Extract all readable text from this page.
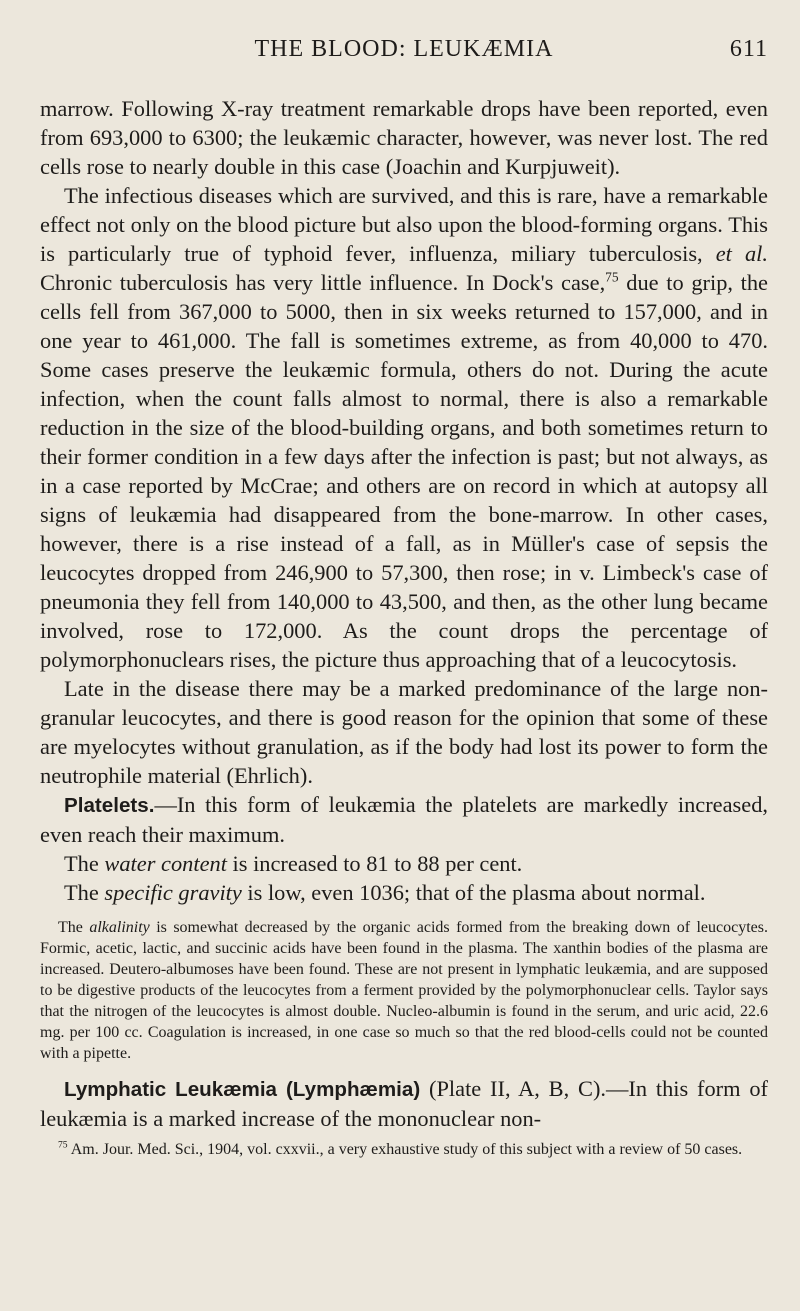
THE BLOOD: LEUKÆMIA	611

marrow. Following X-ray treatment remarkable drops have been reported, even from 693,000 to 6300; the leukæmic character, however, was never lost. The red cells rose to nearly double in this case (Joachin and Kurpjuweit).

The infectious diseases which are survived, and this is rare, have a remarkable effect not only on the blood picture but also upon the blood-forming organs. This is particularly true of typhoid fever, influenza, miliary tuberculosis, et al. Chronic tuberculosis has very little influence. In Dock's case,$^{75}$ due to grip, the cells fell from 367,000 to 5000, then in six weeks returned to 157,000, and in one year to 461,000. The fall is sometimes extreme, as from 40,000 to 470. Some cases preserve the leukæmic formula, others do not. During the acute infection, when the count falls almost to normal, there is also a remarkable reduction in the size of the blood-building organs, and both sometimes return to their former condition in a few days after the infection is past; but not always, as in a case reported by McCrae; and others are on record in which at autopsy all signs of leukæmia had disappeared from the bone-marrow. In other cases, however, there is a rise instead of a fall, as in Müller's case of sepsis the leucocytes dropped from 246,900 to 57,300, then rose; in v. Limbeck's case of pneumonia they fell from 140,000 to 43,500, and then, as the other lung became involved, rose to 172,000. As the count drops the percentage of polymorphonuclears rises, the picture thus approaching that of a leucocytosis.

Late in the disease there may be a marked predominance of the large non-granular leucocytes, and there is good reason for the opinion that some of these are myelocytes without granulation, as if the body had lost its power to form the neutrophile material (Ehrlich).

Platelets.—In this form of leukæmia the platelets are markedly increased, even reach their maximum.

The water content is increased to 81 to 88 per cent.

The specific gravity is low, even 1036; that of the plasma about normal.

The alkalinity is somewhat decreased by the organic acids formed from the breaking down of leucocytes. Formic, acetic, lactic, and succinic acids have been found in the plasma. The xanthin bodies of the plasma are increased. Deutero-albumoses have been found. These are not present in lymphatic leukæmia, and are supposed to be digestive products of the leucocytes from a ferment provided by the polymorphonuclear cells. Taylor says that the nitrogen of the leucocytes is almost double. Nucleo-albumin is found in the serum, and uric acid, 22.6 mg. per 100 cc. Coagulation is increased, in one case so much so that the red blood-cells could not be counted with a pipette.

Lymphatic Leukæmia (Lymphæmia) (Plate II, A, B, C).—In this form of leukæmia is a marked increase of the mononuclear non-

$^{75}$ Am. Jour. Med. Sci., 1904, vol. cxxvii., a very exhaustive study of this subject with a review of 50 cases.
